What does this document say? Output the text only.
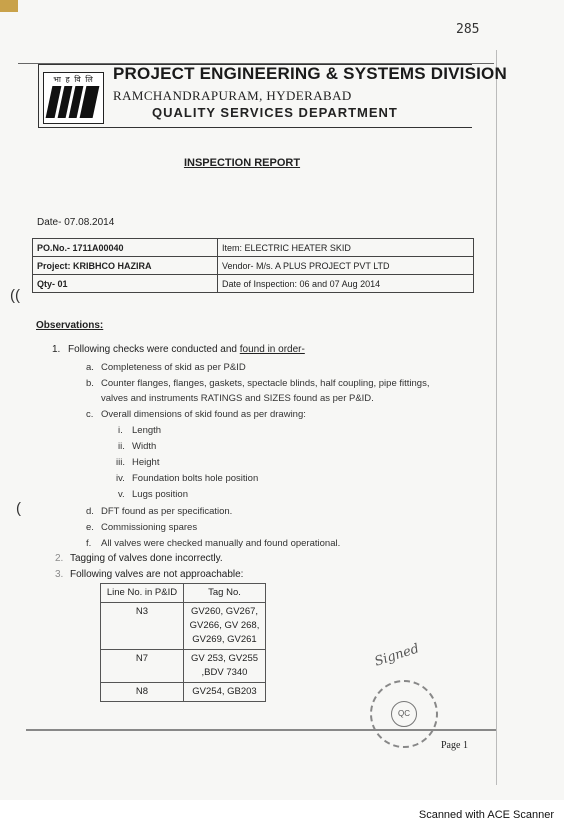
285
भा ह वि लि	PROJECT ENGINEERING & SYSTEMS DIVISION
RAMCHANDRAPURAM, HYDERABAD
QUALITY SERVICES DEPARTMENT
INSPECTION REPORT
Date- 07.08.2014
PO.No.- 1711A00040	Item: ELECTRIC HEATER SKID
Project: KRIBHCO HAZIRA	Vendor- M/s. A PLUS PROJECT PVT LTD
Qty- 01	Date of Inspection: 06 and 07 Aug 2014
((
(
Observations:
1. Following checks were conducted and found in order-
a. Completeness of skid as per P&ID
b. Counter flanges, flanges, gaskets, spectacle blinds, half coupling, pipe fittings,
valves and instruments RATINGS and SIZES found as per P&ID.
c. Overall dimensions of skid found as per drawing:
i. Length
ii. Width
iii. Height
iv. Foundation bolts hole position
v. Lugs position
d. DFT found as per specification.
e. Commissioning spares
f. All valves were checked manually and found operational.
2. Tagging of valves done incorrectly.
3. Following valves are not approachable:
Line No. in P&ID	Tag No.
N3	GV260, GV267,
GV266, GV 268,
GV269, GV261

N7	GV 253, GV255
,BDV 7340

N8	GV254, GB203
Signed
QC
Page 1
Scanned with ACE Scanner
